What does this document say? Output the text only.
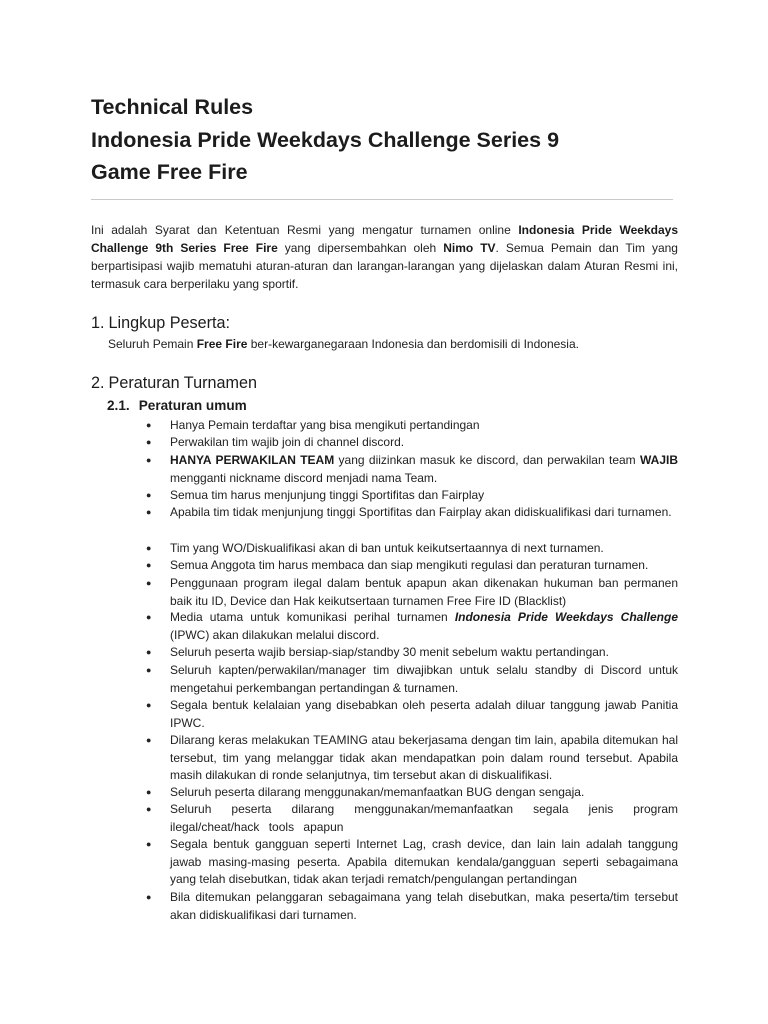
Technical Rules
Indonesia Pride Weekdays Challenge Series 9
Game Free Fire
Ini adalah Syarat dan Ketentuan Resmi yang mengatur turnamen online Indonesia Pride Weekdays Challenge 9th Series Free Fire yang dipersembahkan oleh Nimo TV. Semua Pemain dan Tim yang berpartisipasi wajib mematuhi aturan-aturan dan larangan-larangan yang dijelaskan dalam Aturan Resmi ini, termasuk cara berperilaku yang sportif.
1. Lingkup Peserta:
Seluruh Pemain Free Fire ber-kewarganegaraan Indonesia dan berdomisili di Indonesia.
2. Peraturan Turnamen
2.1. Peraturan umum
● Hanya Pemain terdaftar yang bisa mengikuti pertandingan
● Perwakilan tim wajib join di channel discord.
● HANYA PERWAKILAN TEAM yang diizinkan masuk ke discord, dan perwakilan team WAJIB mengganti nickname discord menjadi nama Team.
● Semua tim harus menjunjung tinggi Sportifitas dan Fairplay
● Apabila tim tidak menjunjung tinggi Sportifitas dan Fairplay akan didiskualifikasi dari turnamen.
● Tim yang WO/Diskualifikasi akan di ban untuk keikutsertaannya di next turnamen.
● Semua Anggota tim harus membaca dan siap mengikuti regulasi dan peraturan turnamen.
● Penggunaan program ilegal dalam bentuk apapun akan dikenakan hukuman ban permanen baik itu ID, Device dan Hak keikutsertaan turnamen Free Fire ID (Blacklist)
● Media utama untuk komunikasi perihal turnamen Indonesia Pride Weekdays Challenge (IPWC) akan dilakukan melalui discord.
● Seluruh peserta wajib bersiap-siap/standby 30 menit sebelum waktu pertandingan.
● Seluruh kapten/perwakilan/manager tim diwajibkan untuk selalu standby di Discord untuk mengetahui perkembangan pertandingan & turnamen.
● Segala bentuk kelalaian yang disebabkan oleh peserta adalah diluar tanggung jawab Panitia IPWC.
● Dilarang keras melakukan TEAMING atau bekerjasama dengan tim lain, apabila ditemukan hal tersebut, tim yang melanggar tidak akan mendapatkan poin dalam round tersebut. Apabila masih dilakukan di ronde selanjutnya, tim tersebut akan di diskualifikasi.
● Seluruh peserta dilarang menggunakan/memanfaatkan BUG dengan sengaja.
● Seluruh peserta dilarang menggunakan/memanfaatkan segala jenis program ilegal/cheat/hack tools apapun
● Segala bentuk gangguan seperti Internet Lag, crash device, dan lain lain adalah tanggung jawab masing-masing peserta. Apabila ditemukan kendala/gangguan seperti sebagaimana yang telah disebutkan, tidak akan terjadi rematch/pengulangan pertandingan
● Bila ditemukan pelanggaran sebagaimana yang telah disebutkan, maka peserta/tim tersebut akan didiskualifikasi dari turnamen.
